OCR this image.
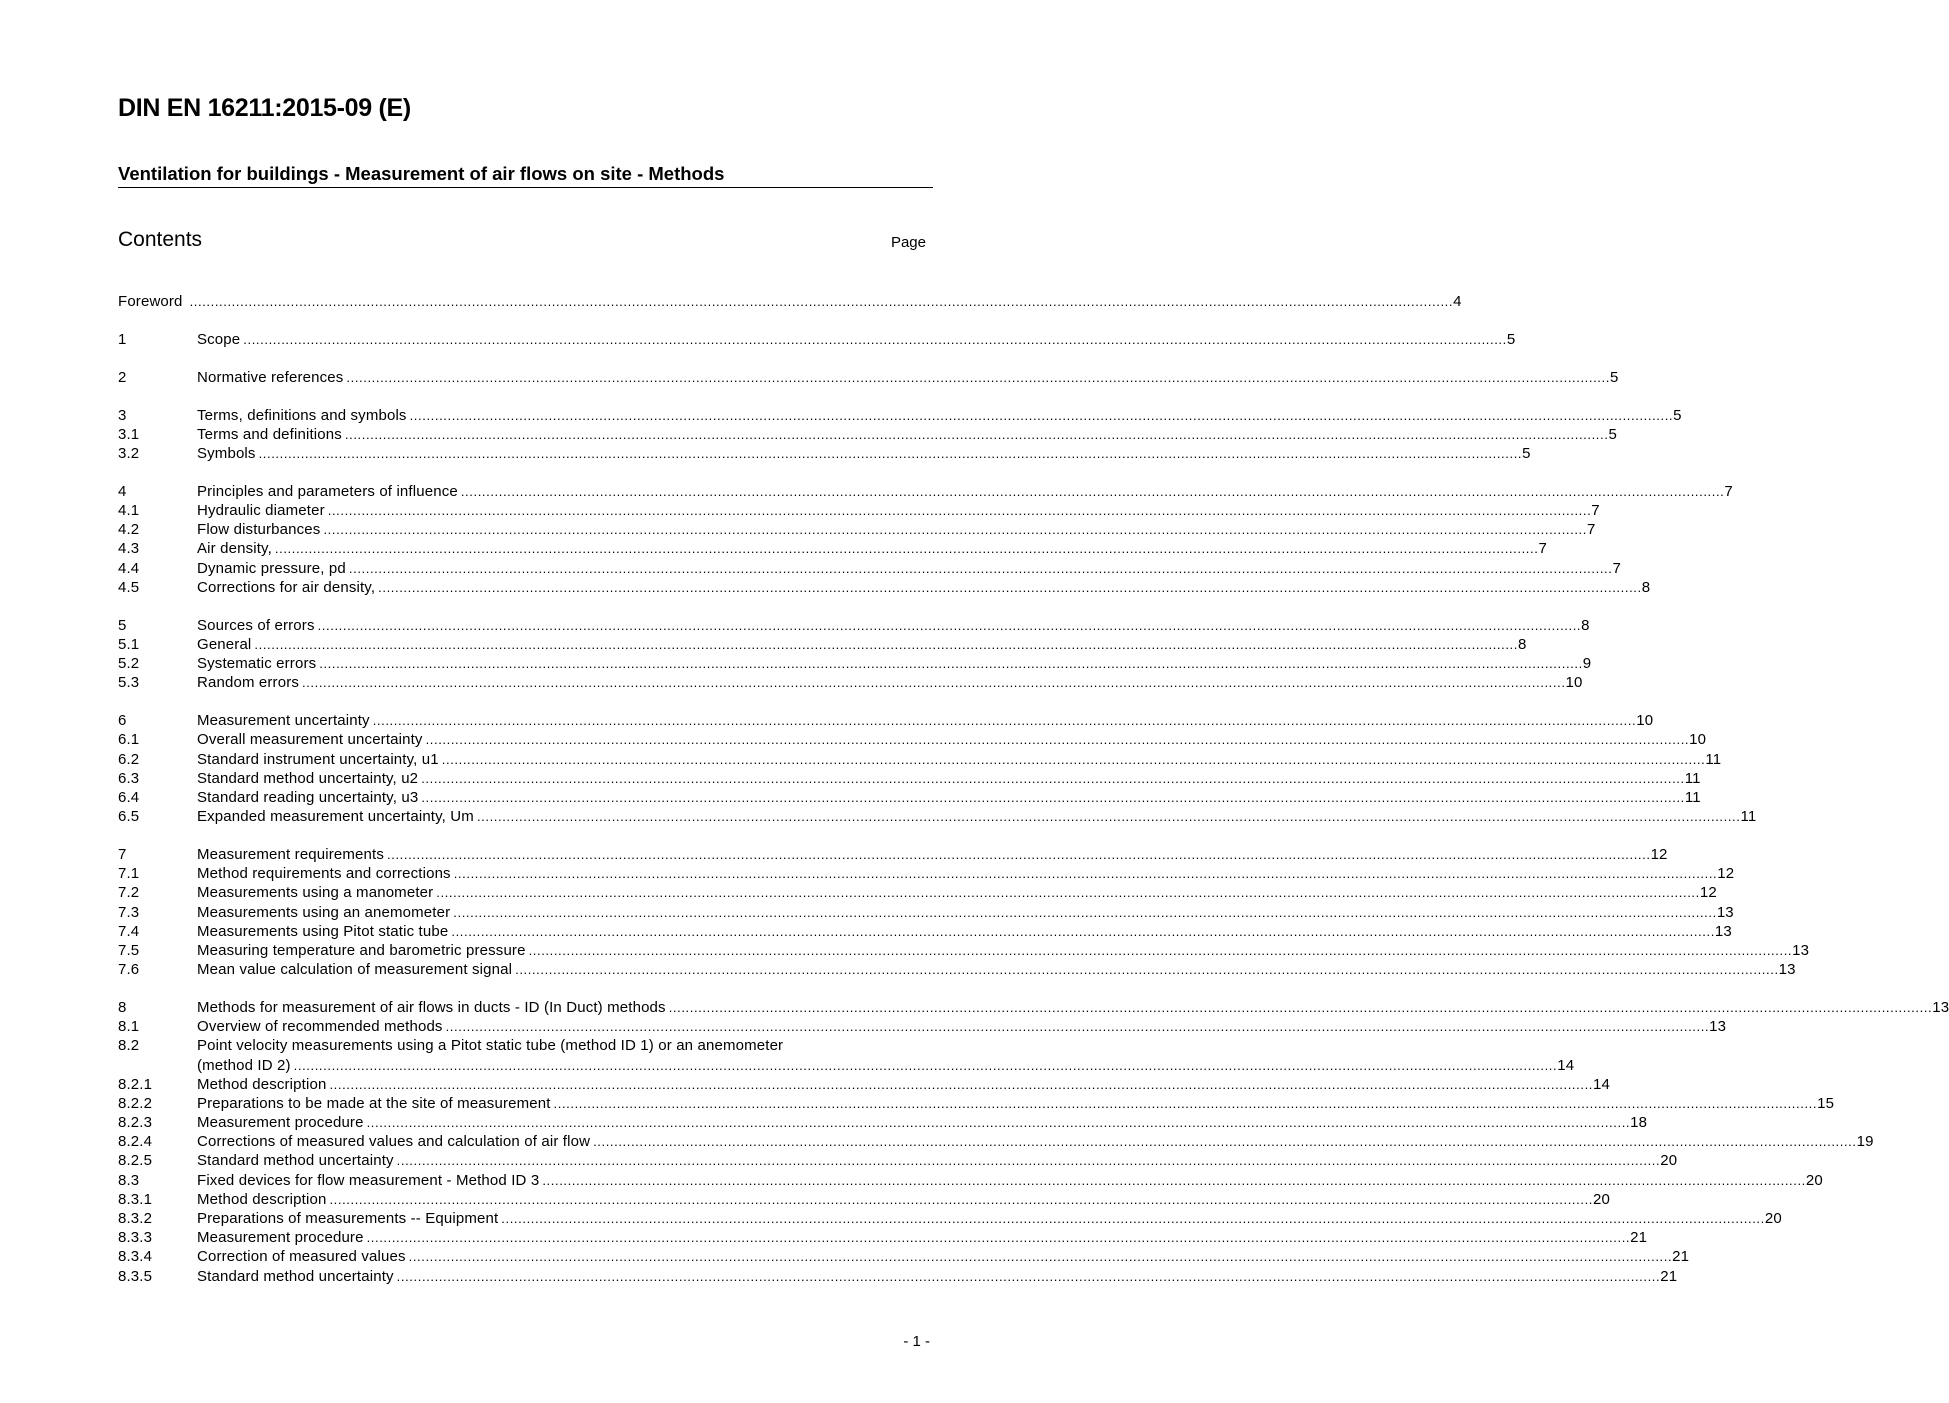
DIN EN 16211:2015-09 (E)
Ventilation for buildings - Measurement of air flows on site - Methods
Contents	Page
Foreword ............................................................................................................................................................................................................................................................................................................ 4
1	Scope ............................................................................................................................................................................................................................................................................................................ 5
2	Normative references ............................................................................................................................................................................................................................................................................................................ 5
3	Terms, definitions and symbols ............................................................................................................................................................................................................................................................................................................ 5
3.1	Terms and definitions ............................................................................................................................................................................................................................................................................................................ 5
3.2	Symbols ............................................................................................................................................................................................................................................................................................................ 5
4	Principles and parameters of influence ............................................................................................................................................................................................................................................................................................................ 7
4.1	Hydraulic diameter ............................................................................................................................................................................................................................................................................................................ 7
4.2	Flow disturbances ............................................................................................................................................................................................................................................................................................................ 7
4.3	Air density, ............................................................................................................................................................................................................................................................................................................ 7
4.4	Dynamic pressure, pd ............................................................................................................................................................................................................................................................................................................ 7
4.5	Corrections for air density, ............................................................................................................................................................................................................................................................................................................ 8
5	Sources of errors ............................................................................................................................................................................................................................................................................................................ 8
5.1	General ............................................................................................................................................................................................................................................................................................................ 8
5.2	Systematic errors ............................................................................................................................................................................................................................................................................................................ 9
5.3	Random errors ............................................................................................................................................................................................................................................................................................................ 10
6	Measurement uncertainty ............................................................................................................................................................................................................................................................................................................ 10
6.1	Overall measurement uncertainty ............................................................................................................................................................................................................................................................................................................ 10
6.2	Standard instrument uncertainty, u1 ............................................................................................................................................................................................................................................................................................................ 11
6.3	Standard method uncertainty, u2 ............................................................................................................................................................................................................................................................................................................ 11
6.4	Standard reading uncertainty, u3 ............................................................................................................................................................................................................................................................................................................ 11
6.5	Expanded measurement uncertainty, Um ............................................................................................................................................................................................................................................................................................................ 11
7	Measurement requirements ............................................................................................................................................................................................................................................................................................................ 12
7.1	Method requirements and corrections ............................................................................................................................................................................................................................................................................................................ 12
7.2	Measurements using a manometer ............................................................................................................................................................................................................................................................................................................ 12
7.3	Measurements using an anemometer ............................................................................................................................................................................................................................................................................................................ 13
7.4	Measurements using Pitot static tube ............................................................................................................................................................................................................................................................................................................ 13
7.5	Measuring temperature and barometric pressure ............................................................................................................................................................................................................................................................................................................ 13
7.6	Mean value calculation of measurement signal ............................................................................................................................................................................................................................................................................................................ 13
8	Methods for measurement of air flows in ducts - ID (In Duct) methods ............................................................................................................................................................................................................................................................................................................ 13
8.1	Overview of recommended methods ............................................................................................................................................................................................................................................................................................................ 13
8.2	Point velocity measurements using a Pitot static tube (method ID 1) or an anemometer
(method ID 2) ............................................................................................................................................................................................................................................................................................................ 14
8.2.1	Method description ............................................................................................................................................................................................................................................................................................................ 14
8.2.2	Preparations to be made at the site of measurement ............................................................................................................................................................................................................................................................................................................ 15
8.2.3	Measurement procedure ............................................................................................................................................................................................................................................................................................................ 18
8.2.4	Corrections of measured values and calculation of air flow ............................................................................................................................................................................................................................................................................................................ 19
8.2.5	Standard method uncertainty ............................................................................................................................................................................................................................................................................................................ 20
8.3	Fixed devices for flow measurement - Method ID 3 ............................................................................................................................................................................................................................................................................................................ 20
8.3.1	Method description ............................................................................................................................................................................................................................................................................................................ 20
8.3.2	Preparations of measurements -- Equipment ............................................................................................................................................................................................................................................................................................................ 20
8.3.3	Measurement procedure ............................................................................................................................................................................................................................................................................................................ 21
8.3.4	Correction of measured values ............................................................................................................................................................................................................................................................................................................ 21
8.3.5	Standard method uncertainty ............................................................................................................................................................................................................................................................................................................ 21
- 1 -
